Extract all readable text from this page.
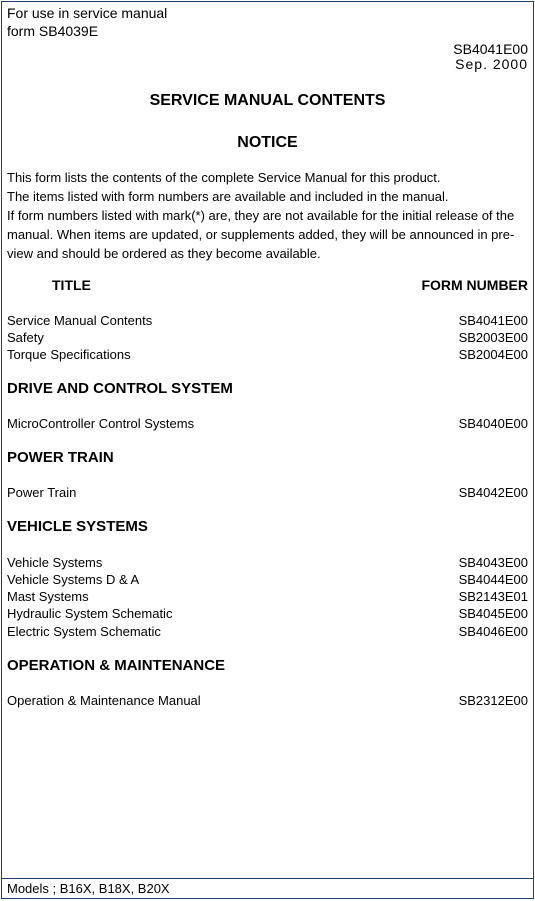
For use in service manual
form SB4039E
SB4041E00
Sep. 2000
SERVICE MANUAL CONTENTS
NOTICE

This form lists the contents of the complete Service Manual for this product.

The items listed with form numbers are available and included in the manual.

If form numbers listed with mark(*) are, they are not available for the initial release of the

manual. When items are updated, or supplements added, they will be announced in pre-

view and should be ordered as they become available.

TITLE	FORM NUMBER
Service Manual Contents	SB4041E00
Safety	SB2003E00
Torque Specifications	SB2004E00
DRIVE AND CONTROL SYSTEM
MicroController Control Systems	SB4040E00
POWER TRAIN
Power Train	SB4042E00
VEHICLE SYSTEMS
Vehicle Systems	SB4043E00
Vehicle Systems D & A	SB4044E00
Mast Systems	SB2143E01
Hydraulic System Schematic	SB4045E00
Electric System Schematic	SB4046E00
OPERATION & MAINTENANCE
Operation & Maintenance Manual	SB2312E00
Models ; B16X, B18X, B20X
